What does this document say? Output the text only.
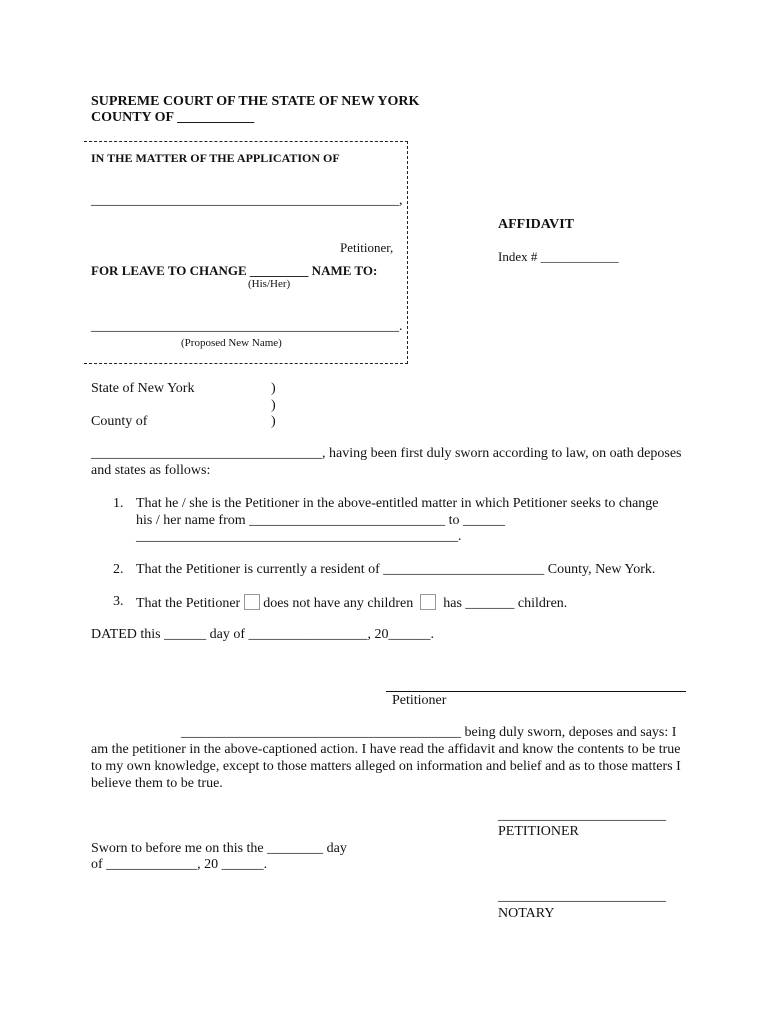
SUPREME COURT OF THE STATE OF NEW YORK
COUNTY OF ___________
IN THE MATTER OF THE APPLICATION OF
____________________________________________,
Petitioner,
FOR LEAVE TO CHANGE _________ NAME TO:
(His/Her)
____________________________________________.
(Proposed New Name)
AFFIDAVIT
Index # ____________
State of New York	)
)
County of	)
_________________________________, having been first duly sworn according to law, on oath deposes
and states as follows:
1. That he / she is the Petitioner in the above-entitled matter in which Petitioner seeks to change
his / her name from ____________________________ to ______
______________________________________________.
2. That the Petitioner is currently a resident of _______________________ County, New York.
3. That the Petitioner does not have any children has _______ children.
DATED this ______ day of _________________, 20______.
Petitioner
________________________________________ being duly sworn, deposes and says: I
am the petitioner in the above-captioned action. I have read the affidavit and know the contents to be true
to my own knowledge, except to those matters alleged on information and belief and as to those matters I
believe them to be true.
________________________
PETITIONER
Sworn to before me on this the ________ day
of _____________, 20 ______.
________________________
NOTARY
